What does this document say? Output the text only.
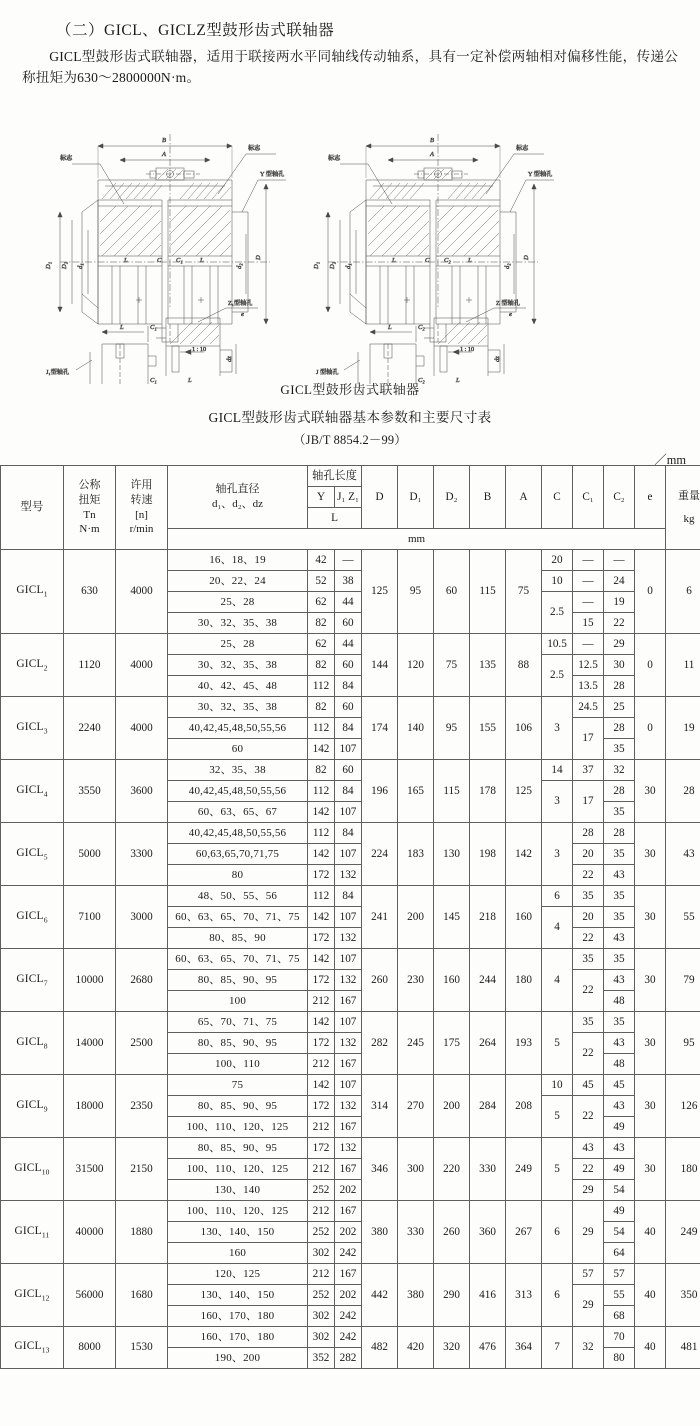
（二）GICL、GICLZ型鼓形齿式联轴器

GICL型鼓形齿式联轴器，适用于联接两水平同轴线传动轴系，具有一定补偿两轴相对偏移性能，传递公称扭矩为630～2800000N·m。

B
A
标志
标志
Y 型轴孔
D₁ D₂ d₁
D
d₂
L	C C₁	L
e
J₁型轴孔
L	C₁
C₁
1 : 10
Z₁型轴孔
dz
L
B
A
标志
标志
Y 型轴孔
D₁ D₂ d₁
D
d₂
L	C C₂	L
e
J 型轴孔
L	C₂
C₂
1 : 10
Z 型轴孔
dz
L
GICL型鼓形齿式联轴器
GICL型鼓形齿式联轴器基本参数和主要尺寸表
（JB/T 8854.2－99）
／mm
型号	
公称
扭矩
Tn
N·m

许用
转速
[n]
r/min

轴孔直径
d₁、d₂、dz
	轴孔长度	D	D₁	D₂	B	A	C	C₁	C₂	e	重量
kg

				Y	J₁ Z₁										
				L											
			mm												
$GICL_1$	630	4000	16、18、19	42	—	125	95	60	115	75	20	—	—	0	6
			20、22、24	52	38						10	—	24		
			25、28	62	44						2.5	—	19		
			30、32、35、38	82	60							15	22		
$GICL_2$	1120	4000	25、28	62	44	144	120	75	135	88	10.5	—	29	0	11
			30、32、35、38	82	60						2.5	12.5	30		
			40、42、45、48	112	84							13.5	28		
$GICL_3$	2240	4000	30、32、35、38	82	60	174	140	95	155	106	3	24.5	25	0	19
			40,42,45,48,50,55,56	112	84							17	28		
			60	142	107								35		
$GICL_4$	3550	3600	32、35、38	82	60	196	165	115	178	125	14	37	32	30	28
			40,42,45,48,50,55,56	112	84						3	17	28		
			60、63、65、67	142	107								35		
$GICL_5$	5000	3300	40,42,45,48,50,55,56	112	84	224	183	130	198	142	3	28	28	30	43
			60,63,65,70,71,75	142	107							20	35		
			80	172	132							22	43		
$GICL_6$	7100	3000	48、50、55、56	112	84	241	200	145	218	160	6	35	35	30	55
			60、63、65、70、71、75	142	107						4	20	35		
			80、85、90	172	132							22	43		
$GICL_7$	10000	2680	60、63、65、70、71、75	142	107	260	230	160	244	180	4	35	35	30	79
			80、85、90、95	172	132							22	43		
			100	212	167								48		
$GICL_8$	14000	2500	65、70、71、75	142	107	282	245	175	264	193	5	35	35	30	95
			80、85、90、95	172	132							22	43		
			100、110	212	167								48		
$GICL_9$	18000	2350	75	142	107	314	270	200	284	208	10	45	45	30	126
			80、85、90、95	172	132						5	22	43		
			100、110、120、125	212	167								49		
$GICL_{10}$	31500	2150	80、85、90、95	172	132	346	300	220	330	249	5	43	43	30	180
			100、110、120、125	212	167							22	49		
			130、140	252	202							29	54		
$GICL_{11}$	40000	1880	100、110、120、125	212	167	380	330	260	360	267	6	29	49	40	249
			130、140、150	252	202								54		
			160	302	242								64		
$GICL_{12}$	56000	1680	120、125	212	167	442	380	290	416	313	6	57	57	40	350
			130、140、150	252	202							29	55		
			160、170、180	302	242								68		
$GICL_{13}$	8000	1530	160、170、180	302	242	482	420	320	476	364	7	32	70	40	481
			190、200	352	282								80		
